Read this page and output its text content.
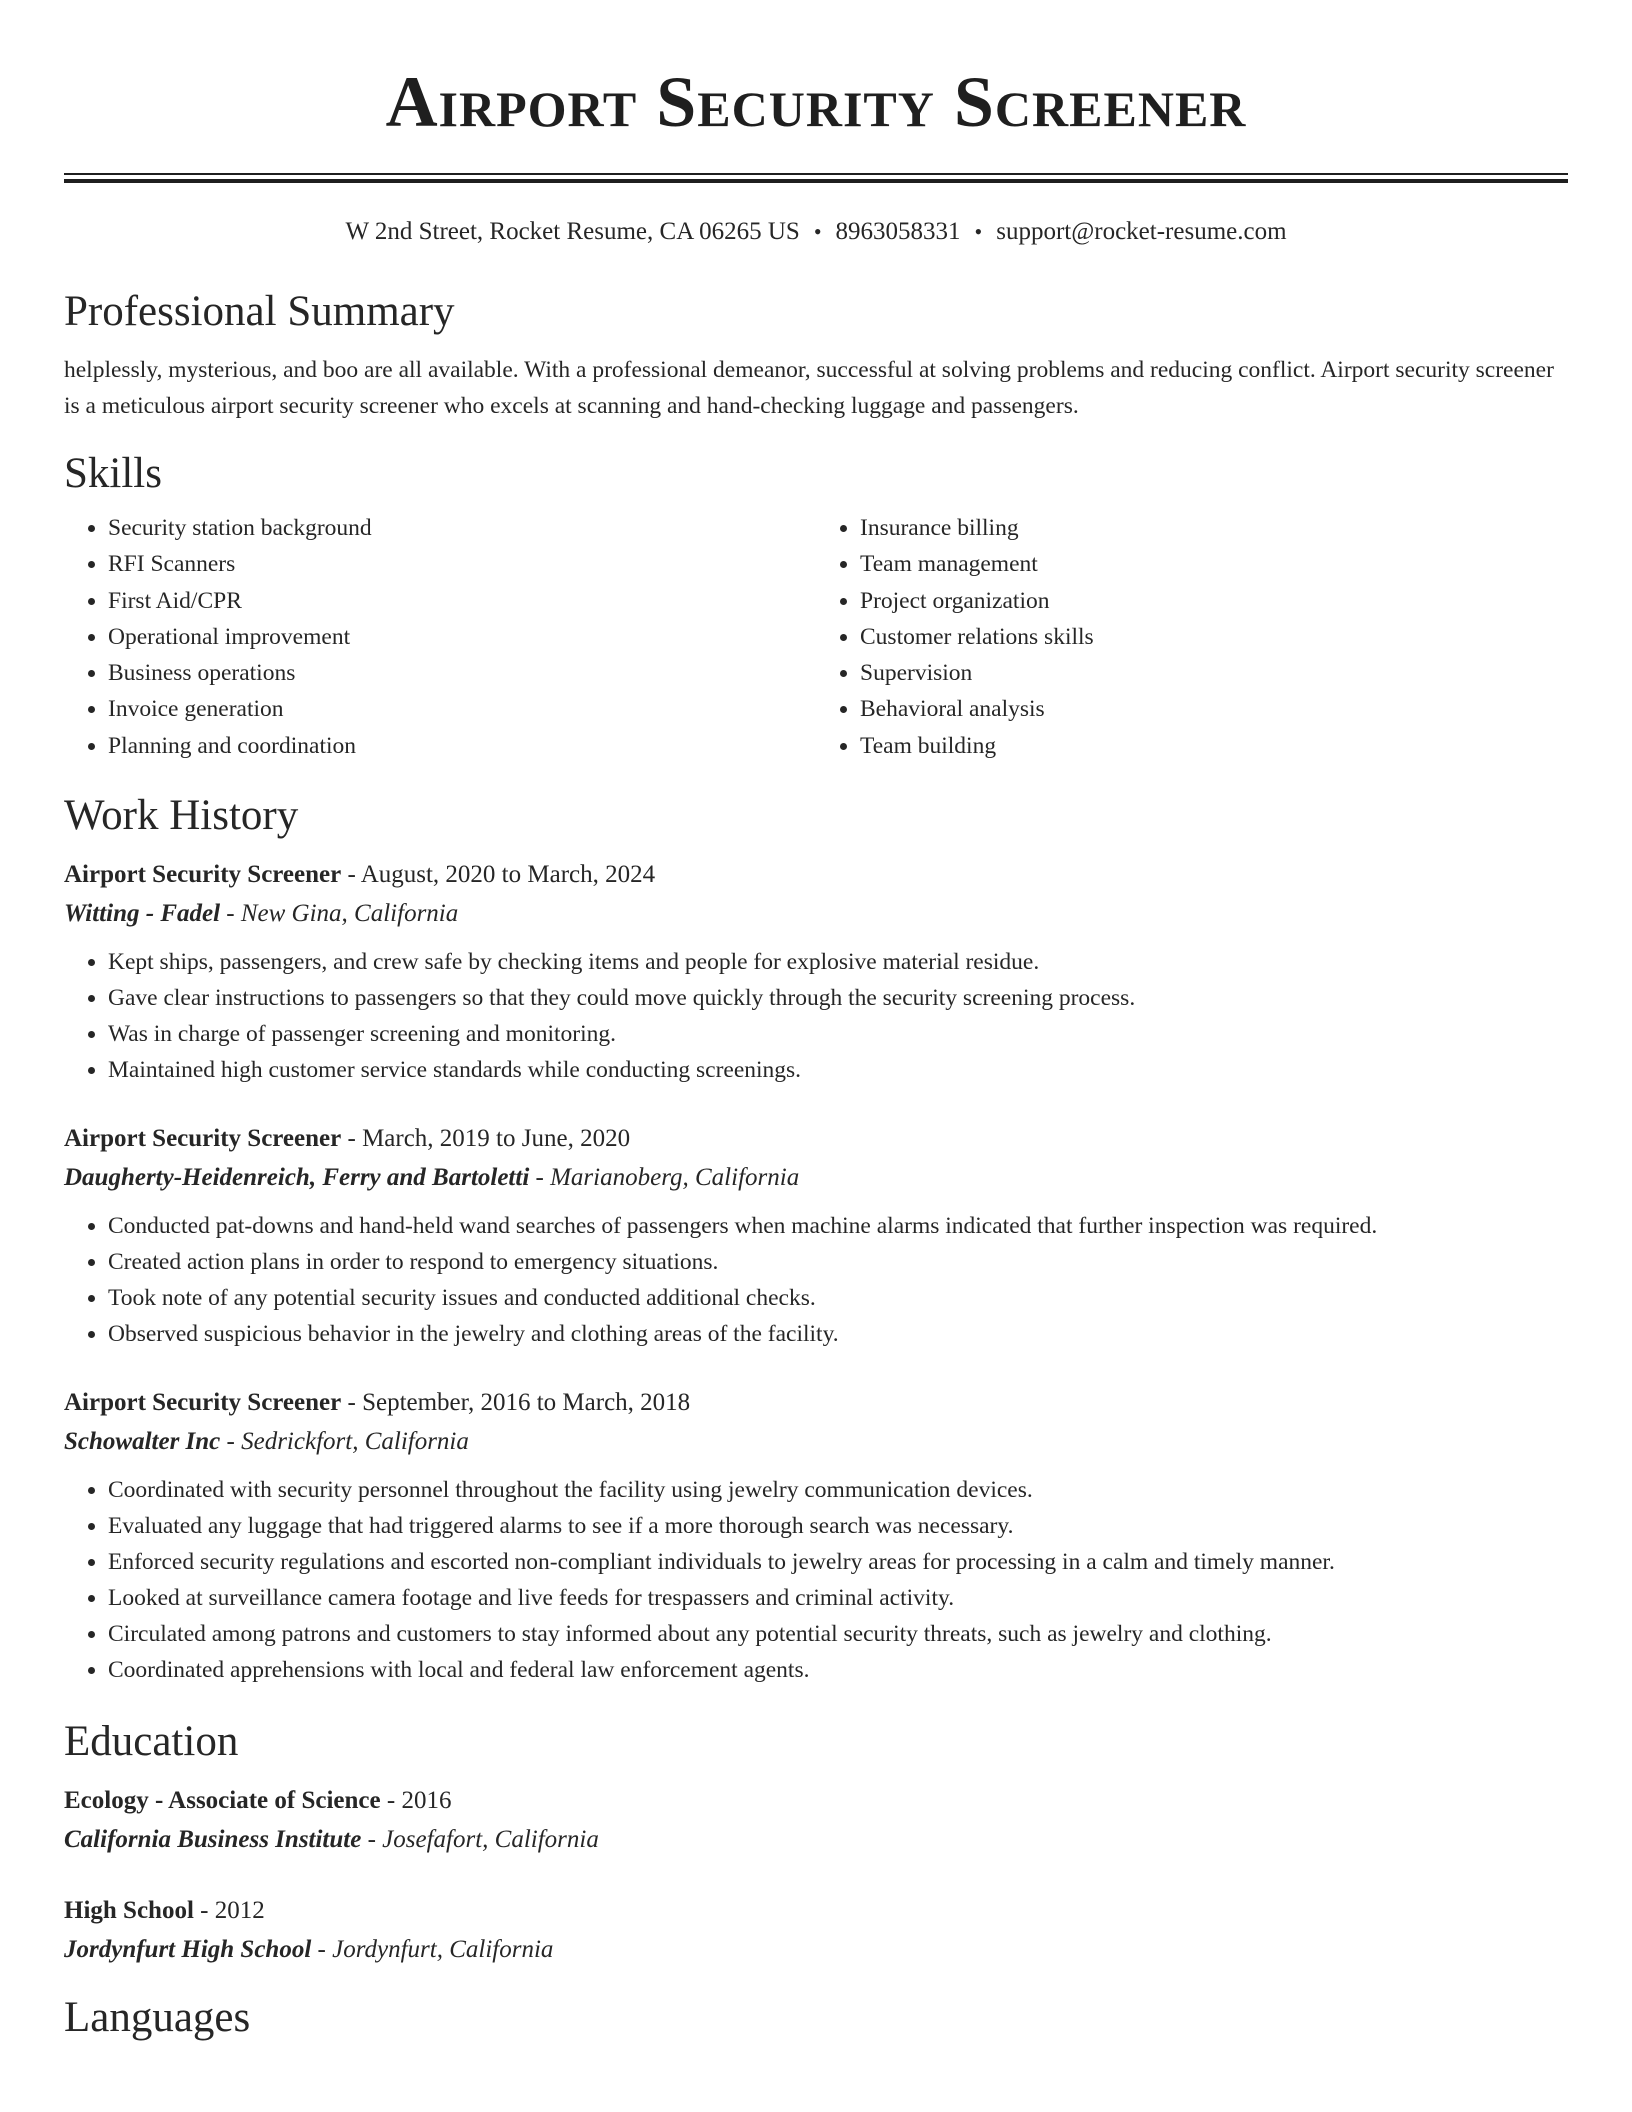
Airport Security Screener
W 2nd Street, Rocket Resume, CA 06265 US • 8963058331 • support@rocket-resume.com
Professional Summary
helplessly, mysterious, and boo are all available. With a professional demeanor, successful at solving problems and reducing conflict. Airport security screener is a meticulous airport security screener who excels at scanning and hand-checking luggage and passengers.
Skills
• Security station background
• RFI Scanners
• First Aid/CPR
• Operational improvement
• Business operations
• Invoice generation
• Planning and coordination
• Insurance billing
• Team management
• Project organization
• Customer relations skills
• Supervision
• Behavioral analysis
• Team building
Work History
Airport Security Screener - August, 2020 to March, 2024
Witting - Fadel - New Gina, California
• Kept ships, passengers, and crew safe by checking items and people for explosive material residue.
• Gave clear instructions to passengers so that they could move quickly through the security screening process.
• Was in charge of passenger screening and monitoring.
• Maintained high customer service standards while conducting screenings.
Airport Security Screener - March, 2019 to June, 2020
Daugherty-Heidenreich, Ferry and Bartoletti - Marianoberg, California
• Conducted pat-downs and hand-held wand searches of passengers when machine alarms indicated that further inspection was required.
• Created action plans in order to respond to emergency situations.
• Took note of any potential security issues and conducted additional checks.
• Observed suspicious behavior in the jewelry and clothing areas of the facility.
Airport Security Screener - September, 2016 to March, 2018
Schowalter Inc - Sedrickfort, California
• Coordinated with security personnel throughout the facility using jewelry communication devices.
• Evaluated any luggage that had triggered alarms to see if a more thorough search was necessary.
• Enforced security regulations and escorted non-compliant individuals to jewelry areas for processing in a calm and timely manner.
• Looked at surveillance camera footage and live feeds for trespassers and criminal activity.
• Circulated among patrons and customers to stay informed about any potential security threats, such as jewelry and clothing.
• Coordinated apprehensions with local and federal law enforcement agents.
Education
Ecology - Associate of Science - 2016
California Business Institute - Josefafort, California
High School - 2012
Jordynfurt High School - Jordynfurt, California
Languages
